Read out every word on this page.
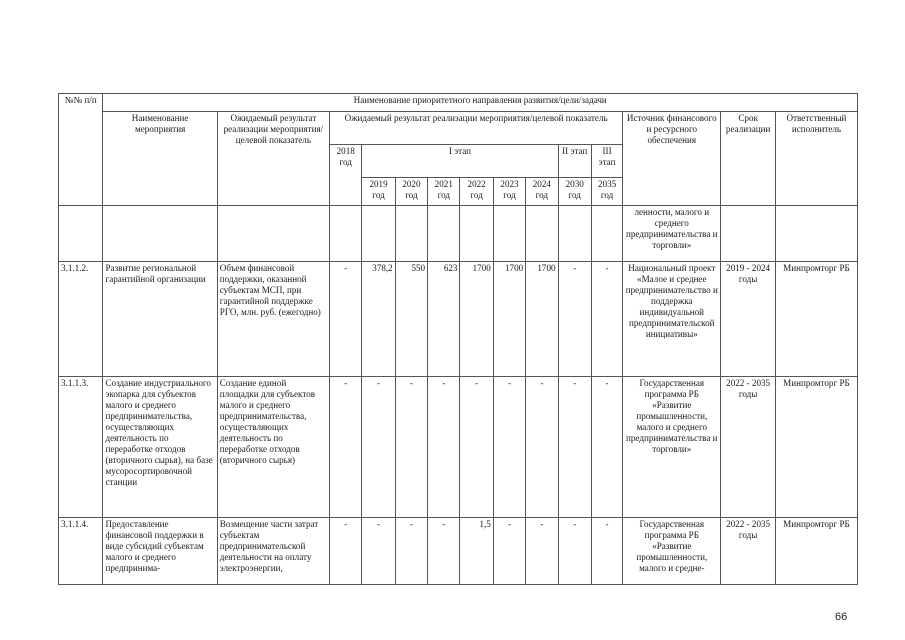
№№ п/п	Наименование приоритетного направления развития/цели/задачи													
	Наименование мероприятия	Ожидаемый результат реализации мероприятия/целевой показатель	Ожидаемый результат реализации мероприятия/целевой показатель									Источник финансового и ресурсного обеспечения	Срок реализации	Ответственный исполнитель
			2018 год	I этап						II этап	III этап			
				2019 год	2020 год	2021 год	2022 год	2023 год	2024 год	2030 год	2035 год			
												ленности, малого и среднего предпринимательства и торговли»		
3.1.1.2.	Развитие региональной гарантийной организации	Объем финансовой поддержки, оказанной субъектам МСП, при гарантийной поддержке РГО, млн. руб. (ежегодно)	-	378,2	550	623	1700	1700	1700	-	-	Национальный проект «Малое и среднее предпринимательство и поддержка индивидуальной предпринимательской инициативы»	2019 - 2024 годы	Минпромторг РБ
3.1.1.3.	Создание индустриального экопарка для субъектов малого и среднего предпринимательства, осуществляющих деятельность по переработке отходов (вторичного сырья), на базе мусоросортировочной станции	Создание единой площадки для субъектов малого и среднего предпринимательства, осуществляющих деятельность по переработке отходов (вторичного сырья)	-	-	-	-	-	-	-	-	-	Государственная программа РБ «Развитие промышленности, малого и среднего предпринимательства и торговли»	2022 - 2035 годы	Минпромторг РБ
3.1.1.4.	Предоставление финансовой поддержки в виде субсидий субъектам малого и среднего предпринима-	Возмещение части затрат субъектам предпринимательской деятельности на оплату электроэнергии,	-	-	-	-	1,5	-	-	-	-	Государственная программа РБ «Развитие промышленности, малого и средне-	2022 - 2035 годы	Минпромторг РБ
66
